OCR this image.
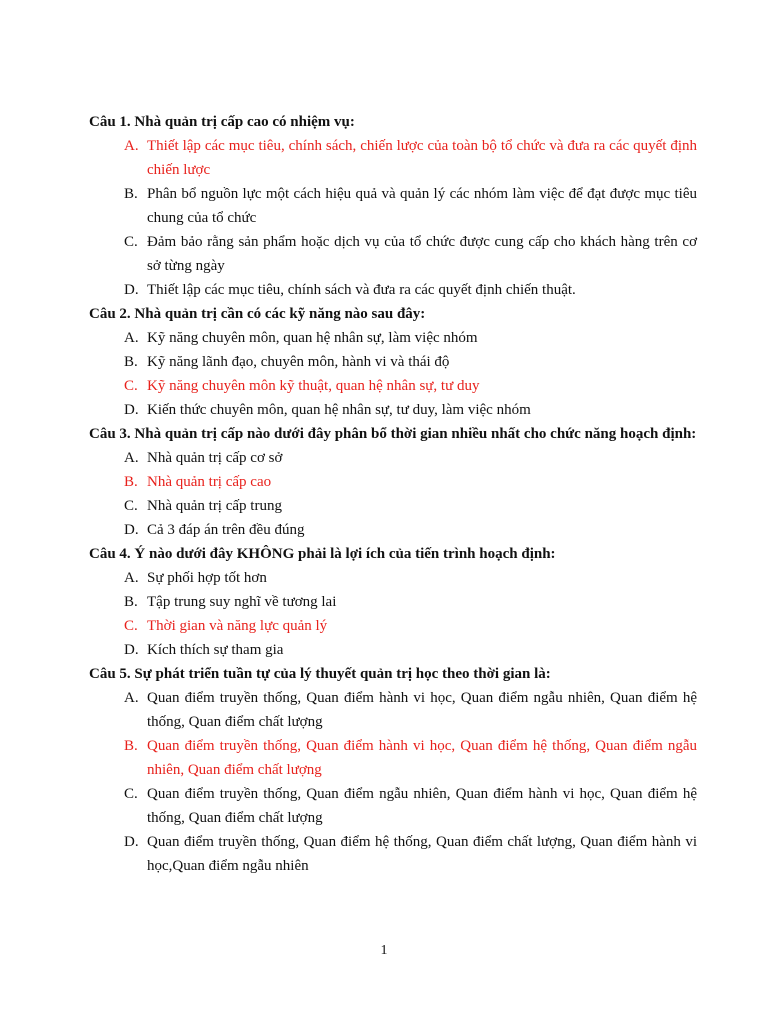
Câu 1. Nhà quản trị cấp cao có nhiệm vụ:

A. Thiết lập các mục tiêu, chính sách, chiến lược của toàn bộ tổ chức và đưa ra các quyết định chiến lược
B. Phân bổ nguồn lực một cách hiệu quả và quản lý các nhóm làm việc để đạt được mục tiêu chung của tổ chức
C. Đảm bảo rằng sản phẩm hoặc dịch vụ của tổ chức được cung cấp cho khách hàng trên cơ sở từng ngày
D. Thiết lập các mục tiêu, chính sách và đưa ra các quyết định chiến thuật.

Câu 2. Nhà quản trị cần có các kỹ năng nào sau đây:

A. Kỹ năng chuyên môn, quan hệ nhân sự, làm việc nhóm
B. Kỹ năng lãnh đạo, chuyên môn, hành vi và thái độ
C. Kỹ năng chuyên môn kỹ thuật, quan hệ nhân sự, tư duy
D. Kiến thức chuyên môn, quan hệ nhân sự, tư duy, làm việc nhóm

Câu 3. Nhà quản trị cấp nào dưới đây phân bổ thời gian nhiều nhất cho chức năng hoạch định:

A. Nhà quản trị cấp cơ sở
B. Nhà quản trị cấp cao
C. Nhà quản trị cấp trung
D. Cả 3 đáp án trên đều đúng

Câu 4. Ý nào dưới đây KHÔNG phải là lợi ích của tiến trình hoạch định:

A. Sự phối hợp tốt hơn
B. Tập trung suy nghĩ về tương lai
C. Thời gian và năng lực quản lý
D. Kích thích sự tham gia

Câu 5. Sự phát triển tuần tự của lý thuyết quản trị học theo thời gian là:

A. Quan điểm truyền thống, Quan điểm hành vi học, Quan điểm ngẫu nhiên, Quan điểm hệ thống, Quan điểm chất lượng
B. Quan điểm truyền thống, Quan điểm hành vi học, Quan điểm hệ thống, Quan điểm ngẫu nhiên, Quan điểm chất lượng
C. Quan điểm truyền thống, Quan điểm ngẫu nhiên, Quan điểm hành vi học, Quan điểm hệ thống, Quan điểm chất lượng
D. Quan điểm truyền thống, Quan điểm hệ thống, Quan điểm chất lượng, Quan điểm hành vi học,Quan điểm ngẫu nhiên
1
